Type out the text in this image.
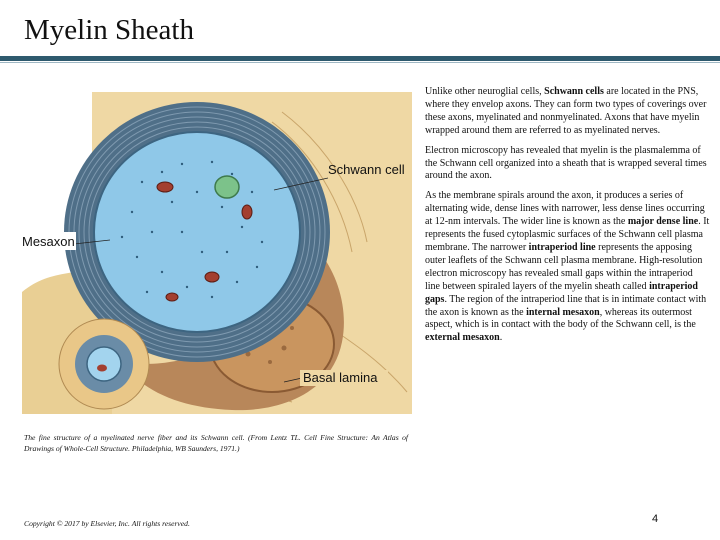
Myelin Sheath
Schwann cell
Mesaxon
Basal lamina

Unlike other neuroglial cells, Schwann cells are located in the PNS, where they envelop axons. They can form two types of coverings over these axons, myelinated and nonmyelinated. Axons that have myelin wrapped around them are referred to as myelinated nerves.

Electron microscopy has revealed that myelin is the plasmalemma of the Schwann cell organized into a sheath that is wrapped several times around the axon.

As the membrane spirals around the axon, it produces a series of alternating wide, dense lines with narrower, less dense lines occurring at 12-nm intervals. The wider line is known as the major dense line. It represents the fused cytoplasmic surfaces of the Schwann cell plasma membrane. The narrower intraperiod line represents the apposing outer leaflets of the Schwann cell plasma membrane. High-resolution electron microscopy has revealed small gaps within the intraperiod line between spiraled layers of the myelin sheath called intraperiod gaps. The region of the intraperiod line that is in intimate contact with the axon is known as the internal mesaxon, whereas its outermost aspect, which is in contact with the body of the Schwann cell, is the external mesaxon.

The fine structure of a myelinated nerve fiber and its Schwann cell. (From Lentz TL. Cell Fine Structure: An Atlas of Drawings of Whole-Cell Structure. Philadelphia, WB Saunders, 1971.)
Copyright © 2017 by Elsevier, Inc. All rights reserved.	4
